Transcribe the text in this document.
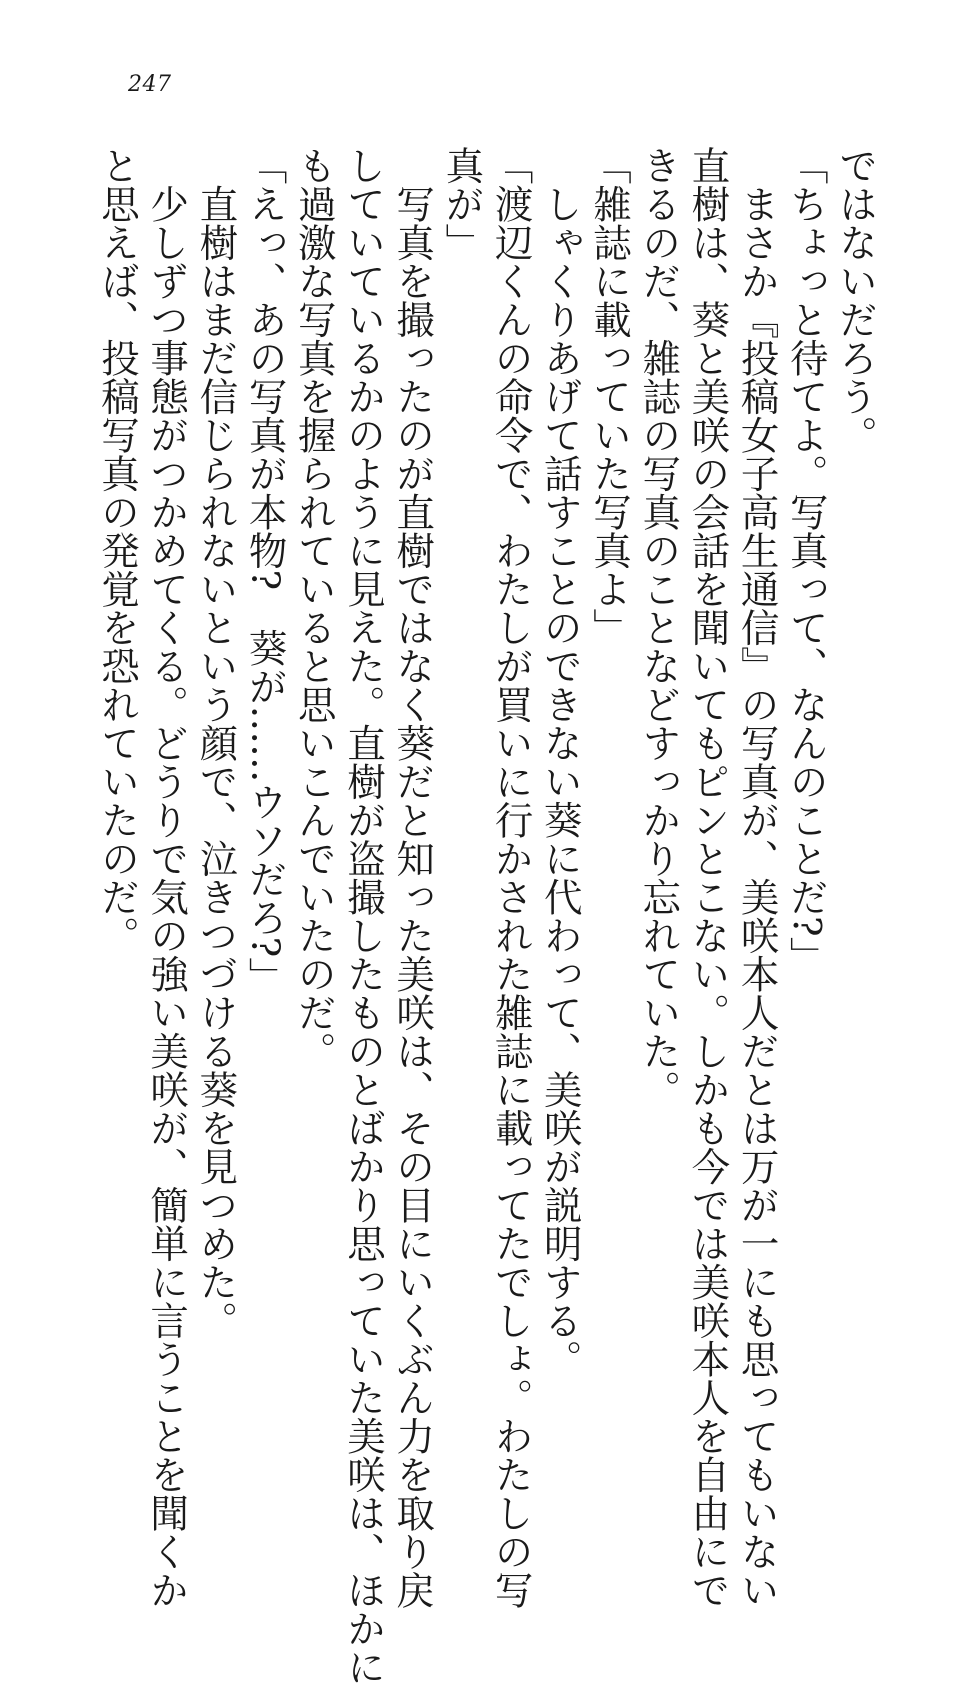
247
ではないだろう。
「ちょっと待てよ。写真って、なんのことだ?」
　まさか『投稿女子高生通信』の写真が、美咲本人だとは万が一にも思ってもいない
直樹は、葵と美咲の会話を聞いてもピンとこない。しかも今では美咲本人を自由にで
きるのだ、雑誌の写真のことなどすっかり忘れていた。
「雑誌に載っていた写真よ」
　しゃくりあげて話すことのできない葵に代わって、美咲が説明する。
「渡辺くんの命令で、わたしが買いに行かされた雑誌に載ってたでしょ。わたしの写
真が」
　写真を撮ったのが直樹ではなく葵だと知った美咲は、その目にいくぶん力を取り戻
していているかのように見えた。直樹が盗撮したものとばかり思っていた美咲は、ほかに
も過激な写真を握られていると思いこんでいたのだ。
「えっ、あの写真が本物?　葵が……ウソだろ?」
　直樹はまだ信じられないという顔で、泣きつづける葵を見つめた。
　少しずつ事態がつかめてくる。どうりで気の強い美咲が、簡単に言うことを聞くか
と思えば、投稿写真の発覚を恐れていたのだ。
